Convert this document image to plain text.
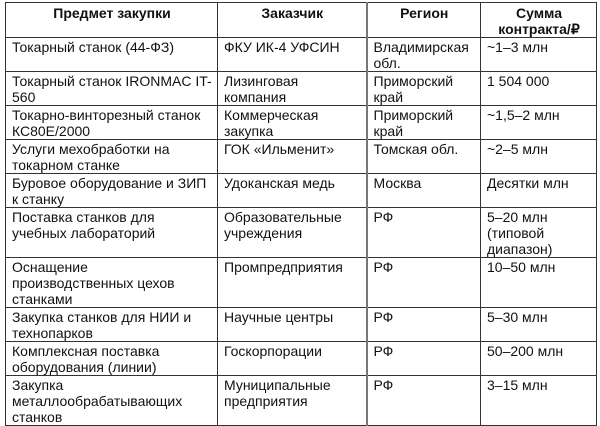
Предмет закупки	Заказчик	Регион	Сумма контракта/₽
Токарный станок (44-ФЗ)	ФКУ ИК-4 УФСИН	Владимирская обл.	~1–3 млн
Токарный станок IRONMAC IT-560	Лизинговая компания	Приморский край	1 504 000
Токарно-винторезный станок КС80Е/2000	Коммерческая закупка	Приморский край	~1,5–2 млн
Услуги мехобработки на токарном станке	ГОК «Ильменит»	Томская обл.	~2–5 млн
Буровое оборудование и ЗИП к станку	Удоканская медь	Москва	Десятки млн
Поставка станков для учебных лабораторий	Образовательные учреждения	РФ	5–20 млн (типовой диапазон)
Оснащение производственных цехов станками	Промпредприятия	РФ	10–50 млн
Закупка станков для НИИ и технопарков	Научные центры	РФ	5–30 млн
Комплексная поставка оборудования (линии)	Госкорпорации	РФ	50–200 млн
Закупка металлообрабатывающих станков	Муниципальные предприятия	РФ	3–15 млн
